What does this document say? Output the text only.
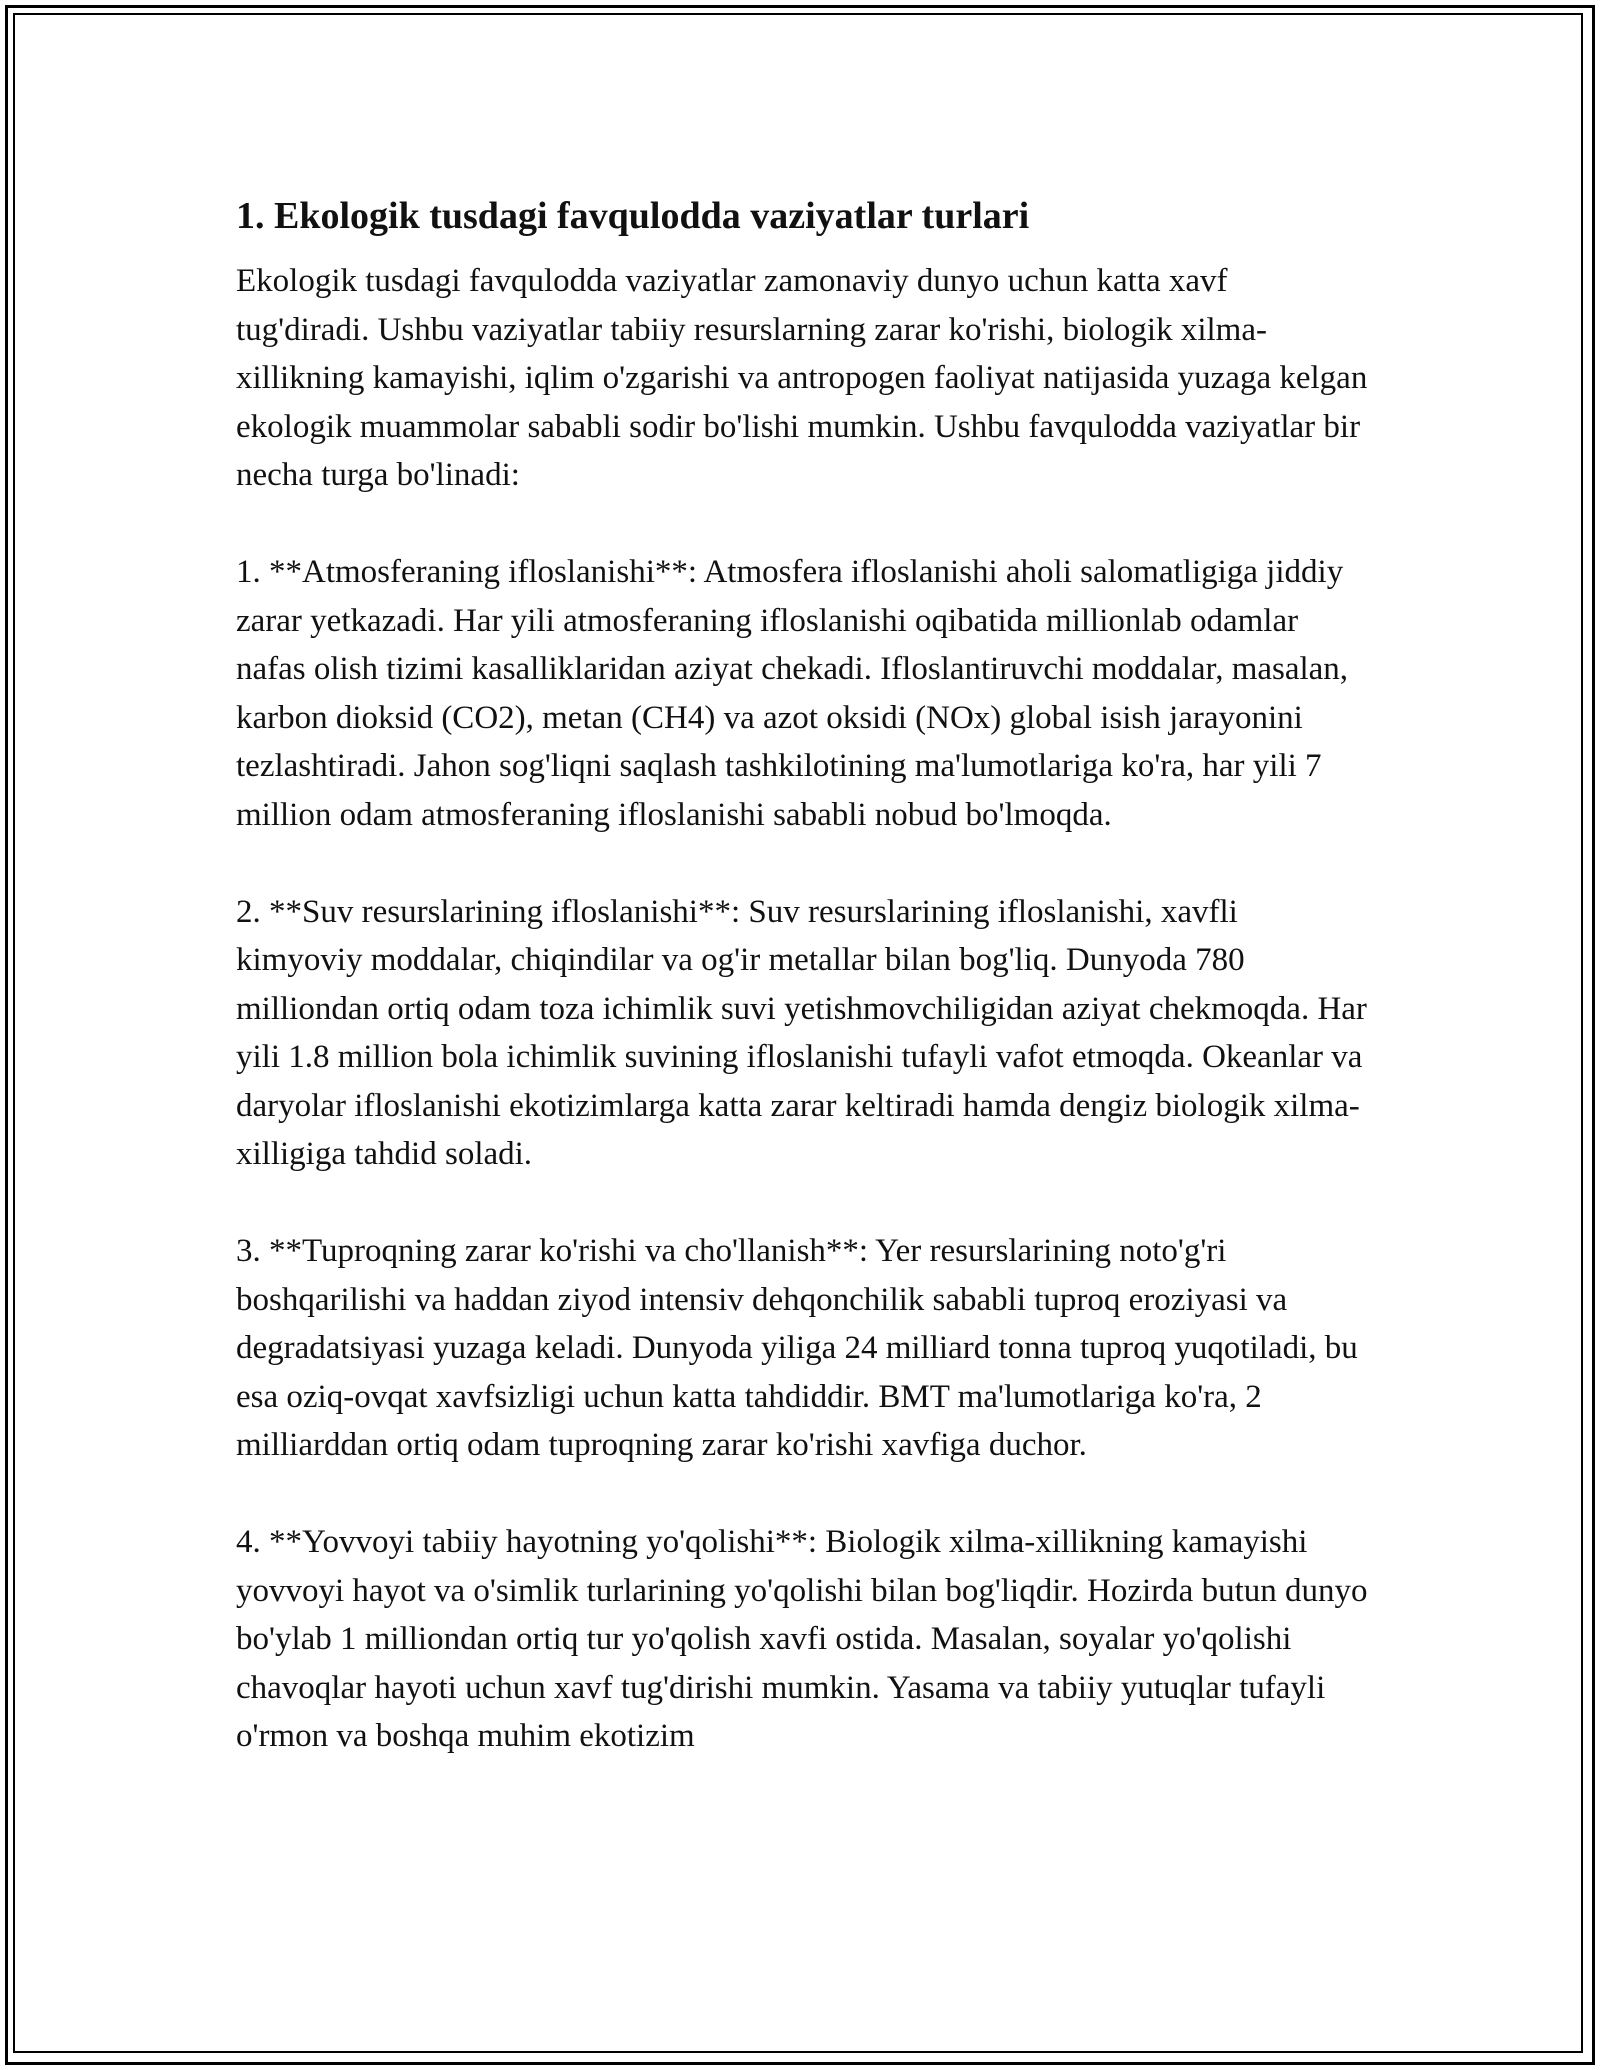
1. Ekologik tusdagi favqulodda vaziyatlar turlari

Ekologik tusdagi favqulodda vaziyatlar zamonaviy dunyo uchun katta xavf tug'diradi. Ushbu vaziyatlar tabiiy resurslarning zarar ko'rishi, biologik xilma-xillikning kamayishi, iqlim o'zgarishi va antropogen faoliyat natijasida yuzaga kelgan ekologik muammolar sababli sodir bo'lishi mumkin. Ushbu favqulodda vaziyatlar bir necha turga bo'linadi:

1. **Atmosferaning ifloslanishi**: Atmosfera ifloslanishi aholi salomatligiga jiddiy zarar yetkazadi. Har yili atmosferaning ifloslanishi oqibatida millionlab odamlar nafas olish tizimi kasalliklaridan aziyat chekadi. Ifloslantiruvchi moddalar, masalan, karbon dioksid (CO2), metan (CH4) va azot oksidi (NOx) global isish jarayonini tezlashtiradi. Jahon sog'liqni saqlash tashkilotining ma'lumotlariga ko'ra, har yili 7 million odam atmosferaning ifloslanishi sababli nobud bo'lmoqda.

2. **Suv resurslarining ifloslanishi**: Suv resurslarining ifloslanishi, xavfli kimyoviy moddalar, chiqindilar va og'ir metallar bilan bog'liq. Dunyoda 780 milliondan ortiq odam toza ichimlik suvi yetishmovchiligidan aziyat chekmoqda. Har yili 1.8 million bola ichimlik suvining ifloslanishi tufayli vafot etmoqda. Okeanlar va daryolar ifloslanishi ekotizimlarga katta zarar keltiradi hamda dengiz biologik xilma-xilligiga tahdid soladi.

3. **Tuproqning zarar ko'rishi va cho'llanish**: Yer resurslarining noto'g'ri boshqarilishi va haddan ziyod intensiv dehqonchilik sababli tuproq eroziyasi va degradatsiyasi yuzaga keladi. Dunyoda yiliga 24 milliard tonna tuproq yuqotiladi, bu esa oziq-ovqat xavfsizligi uchun katta tahdiddir. BMT ma'lumotlariga ko'ra, 2 milliarddan ortiq odam tuproqning zarar ko'rishi xavfiga duchor.

4. **Yovvoyi tabiiy hayotning yo'qolishi**: Biologik xilma-xillikning kamayishi yovvoyi hayot va o'simlik turlarining yo'qolishi bilan bog'liqdir. Hozirda butun dunyo bo'ylab 1 milliondan ortiq tur yo'qolish xavfi ostida. Masalan, soyalar yo'qolishi chavoqlar hayoti uchun xavf tug'dirishi mumkin. Yasama va tabiiy yutuqlar tufayli o'rmon va boshqa muhim ekotizim
